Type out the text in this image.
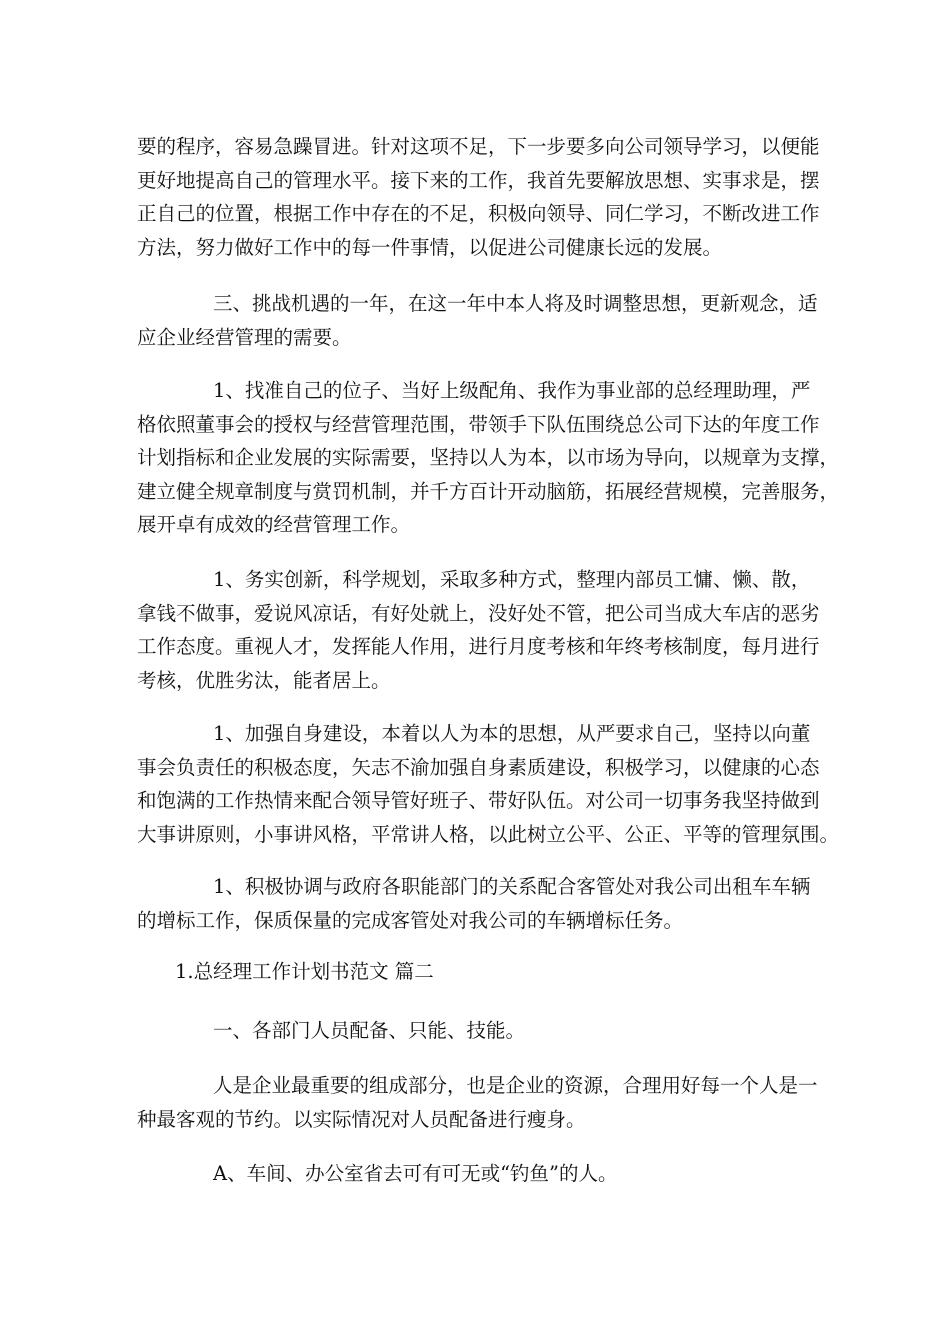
要的程序，容易急躁冒进。针对这项不足，下一步要多向公司领导学习，以便能
更好地提高自己的管理水平。接下来的工作，我首先要解放思想、实事求是，摆
正自己的位置，根据工作中存在的不足，积极向领导、同仁学习，不断改进工作
方法，努力做好工作中的每一件事情，以促进公司健康长远的发展。

三、挑战机遇的一年，在这一年中本人将及时调整思想，更新观念，适
应企业经营管理的需要。

1、找准自己的位子、当好上级配角、我作为事业部的总经理助理，严
格依照董事会的授权与经营管理范围，带领手下队伍围绕总公司下达的年度工作
计划指标和企业发展的实际需要，坚持以人为本，以市场为导向，以规章为支撑，
建立健全规章制度与赏罚机制，并千方百计开动脑筋，拓展经营规模，完善服务，
展开卓有成效的经营管理工作。

1、务实创新，科学规划，采取多种方式，整理内部员工慵、懒、散，
拿钱不做事，爱说风凉话，有好处就上，没好处不管，把公司当成大车店的恶劣
工作态度。重视人才，发挥能人作用，进行月度考核和年终考核制度，每月进行
考核，优胜劣汰，能者居上。

1、加强自身建设，本着以人为本的思想，从严要求自己，坚持以向董
事会负责任的积极态度，矢志不渝加强自身素质建设，积极学习，以健康的心态
和饱满的工作热情来配合领导管好班子、带好队伍。对公司一切事务我坚持做到
大事讲原则，小事讲风格，平常讲人格，以此树立公平、公正、平等的管理氛围。

1、积极协调与政府各职能部门的关系配合客管处对我公司出租车车辆
的增标工作，保质保量的完成客管处对我公司的车辆增标任务。

1.总经理工作计划书范文 篇二

一、各部门人员配备、只能、技能。

人是企业最重要的组成部分，也是企业的资源，合理用好每一个人是一
种最客观的节约。以实际情况对人员配备进行瘦身。

A、车间、办公室省去可有可无或“钓鱼”的人。
